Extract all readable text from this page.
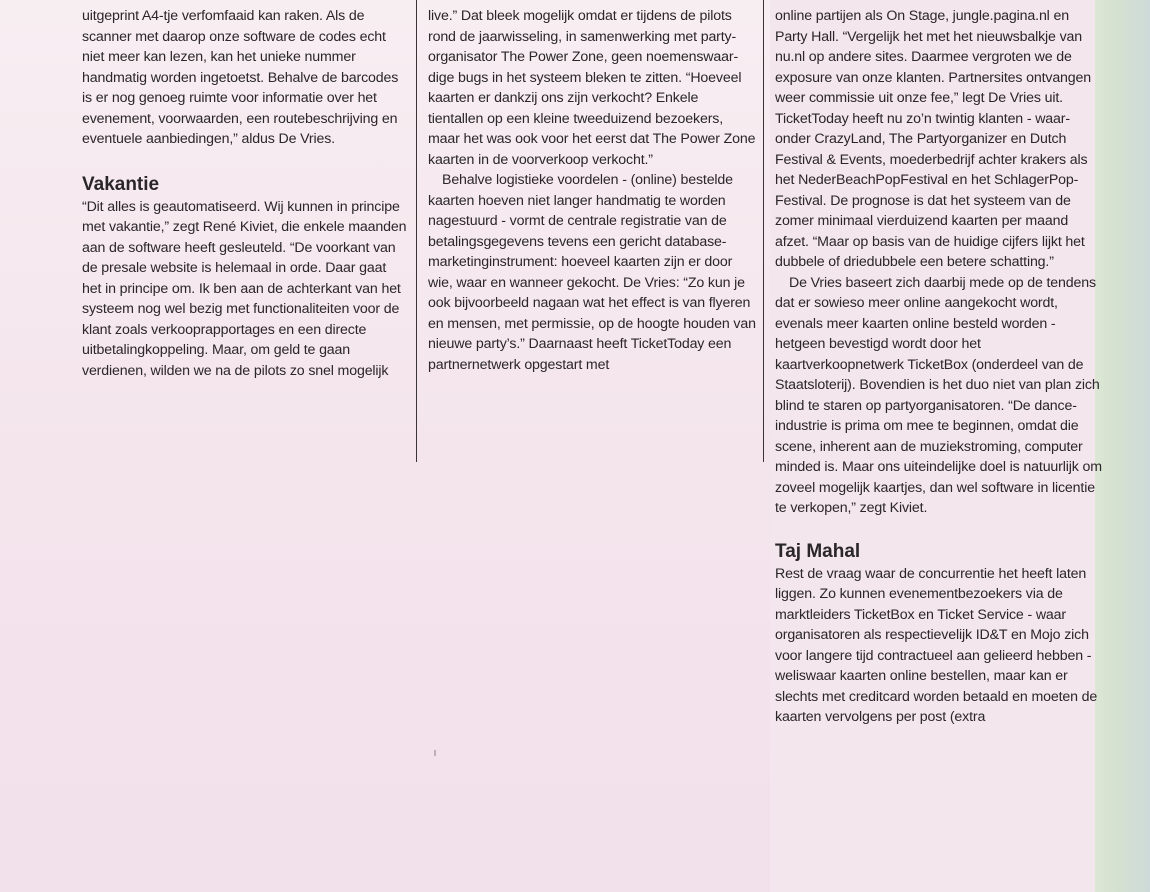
uitgeprint A4-tje verfomfaaid kan raken. Als de scanner met daarop onze software de codes echt niet meer kan lezen, kan het unieke nummer handmatig worden ingetoetst. Behalve de barcodes is er nog genoeg ruimte voor informatie over het evenement, voorwaarden, een routebeschrijving en eventuele aanbiedingen,” aldus De Vries.

Vakantie

“Dit alles is geautomatiseerd. Wij kunnen in principe met vakantie,” zegt René Kiviet, die enkele maanden aan de software heeft gesleuteld. “De voorkant van de presale website is helemaal in orde. Daar gaat het in principe om. Ik ben aan de achterkant van het systeem nog wel bezig met functionaliteiten voor de klant zoals verkooprapportages en een directe uitbetalingkoppeling. Maar, om geld te gaan verdienen, wilden we na de pilots zo snel mogelijk

live.” Dat bleek mogelijk omdat er tijdens de pilots rond de jaarwisseling, in samenwerking met party-organisator The Power Zone, geen noemenswaar-dige bugs in het systeem bleken te zitten. “Hoeveel kaarten er dankzij ons zijn verkocht? Enkele tientallen op een kleine tweeduizend bezoekers, maar het was ook voor het eerst dat The Power Zone kaarten in de voorverkoop verkocht.”

Behalve logistieke voordelen - (online) bestelde kaarten hoeven niet langer handmatig te worden nagestuurd - vormt de centrale registratie van de betalingsgegevens tevens een gericht database-marketinginstrument: hoeveel kaarten zijn er door wie, waar en wanneer gekocht. De Vries: “Zo kun je ook bijvoorbeeld nagaan wat het effect is van flyeren en mensen, met permissie, op de hoogte houden van nieuwe party’s.” Daarnaast heeft TicketToday een partnernetwerk opgestart met

online partijen als On Stage, jungle.pagina.nl en Party Hall. “Vergelijk het met het nieuwsbalkje van nu.nl op andere sites. Daarmee vergroten we de exposure van onze klanten. Partnersites ontvangen weer commissie uit onze fee,” legt De Vries uit. TicketToday heeft nu zo’n twintig klanten - waar-onder CrazyLand, The Partyorganizer en Dutch Festival & Events, moederbedrijf achter krakers als het NederBeachPopFestival en het SchlagerPop-Festival. De prognose is dat het systeem van de zomer minimaal vierduizend kaarten per maand afzet. “Maar op basis van de huidige cijfers lijkt het dubbele of driedubbele een betere schatting.”

De Vries baseert zich daarbij mede op de tendens dat er sowieso meer online aangekocht wordt, evenals meer kaarten online besteld worden - hetgeen bevestigd wordt door het kaartverkoopnetwerk TicketBox (onderdeel van de Staatsloterij). Bovendien is het duo niet van plan zich blind te staren op partyorganisatoren. “De dance-industrie is prima om mee te beginnen, omdat die scene, inherent aan de muziekstroming, computer minded is. Maar ons uiteindelijke doel is natuurlijk om zoveel mogelijk kaartjes, dan wel software in licentie te verkopen,” zegt Kiviet.

Taj Mahal

Rest de vraag waar de concurrentie het heeft laten liggen. Zo kunnen evenementbezoekers via de marktleiders TicketBox en Ticket Service - waar organisatoren als respectievelijk ID&T en Mojo zich voor langere tijd contractueel aan gelieerd hebben - weliswaar kaarten online bestellen, maar kan er slechts met creditcard worden betaald en moeten de kaarten vervolgens per post (extra
